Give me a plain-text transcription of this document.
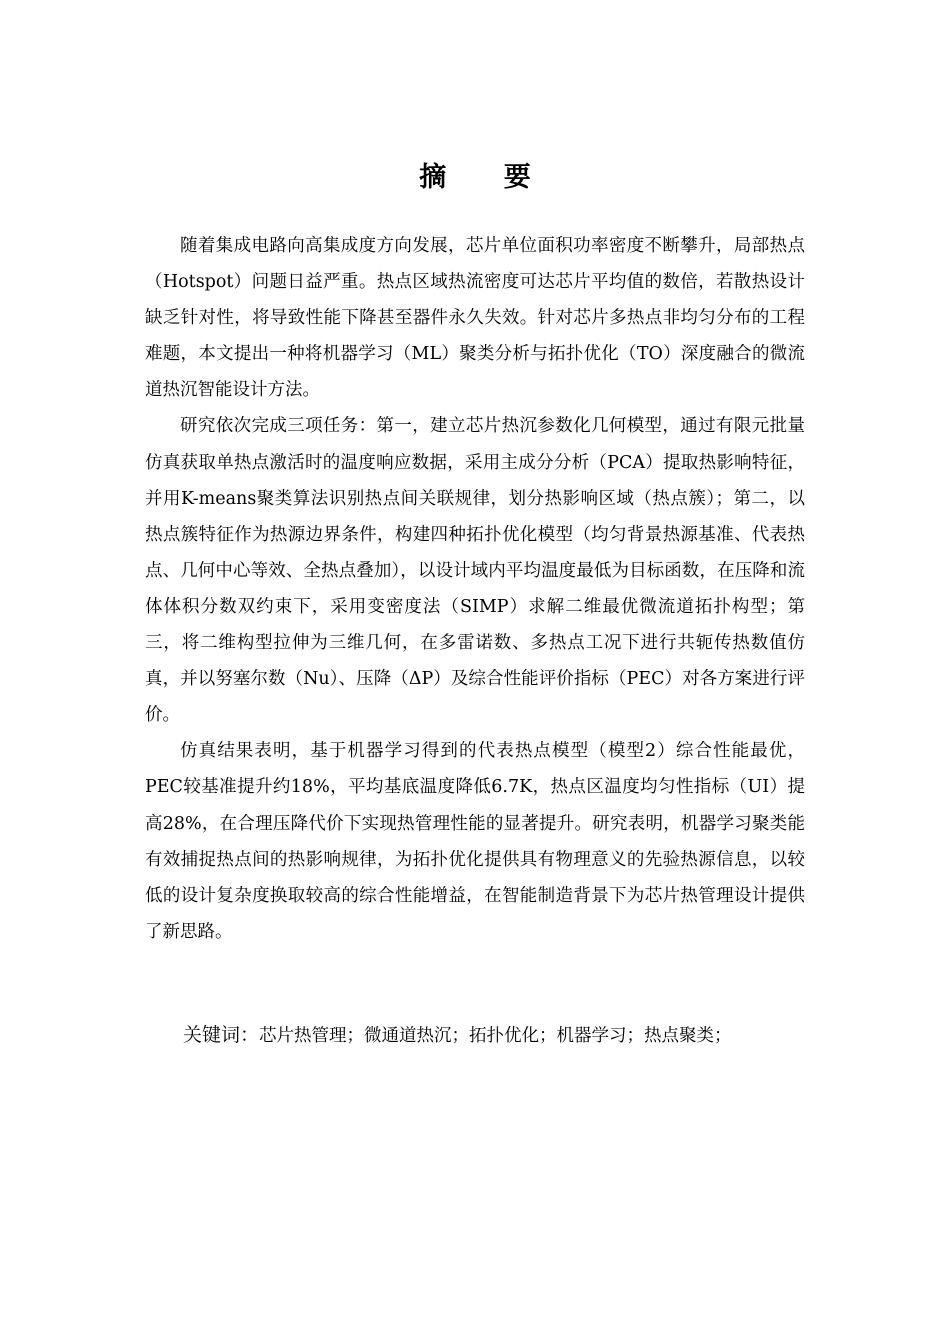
摘 要

随着集成电路向高集成度方向发展，芯片单位面积功率密度不断攀升，局部热点（Hotspot）问题日益严重。热点区域热流密度可达芯片平均值的数倍，若散热设计缺乏针对性，将导致性能下降甚至器件永久失效。针对芯片多热点非均匀分布的工程难题，本文提出一种将机器学习（ML）聚类分析与拓扑优化（TO）深度融合的微流道热沉智能设计方法。

研究依次完成三项任务：第一，建立芯片热沉参数化几何模型，通过有限元批量仿真获取单热点激活时的温度响应数据，采用主成分分析（PCA）提取热影响特征，并用K-means聚类算法识别热点间关联规律，划分热影响区域（热点簇）；第二，以热点簇特征作为热源边界条件，构建四种拓扑优化模型（均匀背景热源基准、代表热点、几何中心等效、全热点叠加），以设计域内平均温度最低为目标函数，在压降和流体体积分数双约束下，采用变密度法（SIMP）求解二维最优微流道拓扑构型；第三，将二维构型拉伸为三维几何，在多雷诺数、多热点工况下进行共轭传热数值仿真，并以努塞尔数（Nu）、压降（ΔP）及综合性能评价指标（PEC）对各方案进行评价。

仿真结果表明，基于机器学习得到的代表热点模型（模型2）综合性能最优，PEC较基准提升约18%，平均基底温度降低6.7K，热点区温度均匀性指标（UI）提高28%，在合理压降代价下实现热管理性能的显著提升。研究表明，机器学习聚类能有效捕捉热点间的热影响规律，为拓扑优化提供具有物理意义的先验热源信息，以较低的设计复杂度换取较高的综合性能增益，在智能制造背景下为芯片热管理设计提供了新思路。

关键词：芯片热管理；微通道热沉；拓扑优化；机器学习；热点聚类；
